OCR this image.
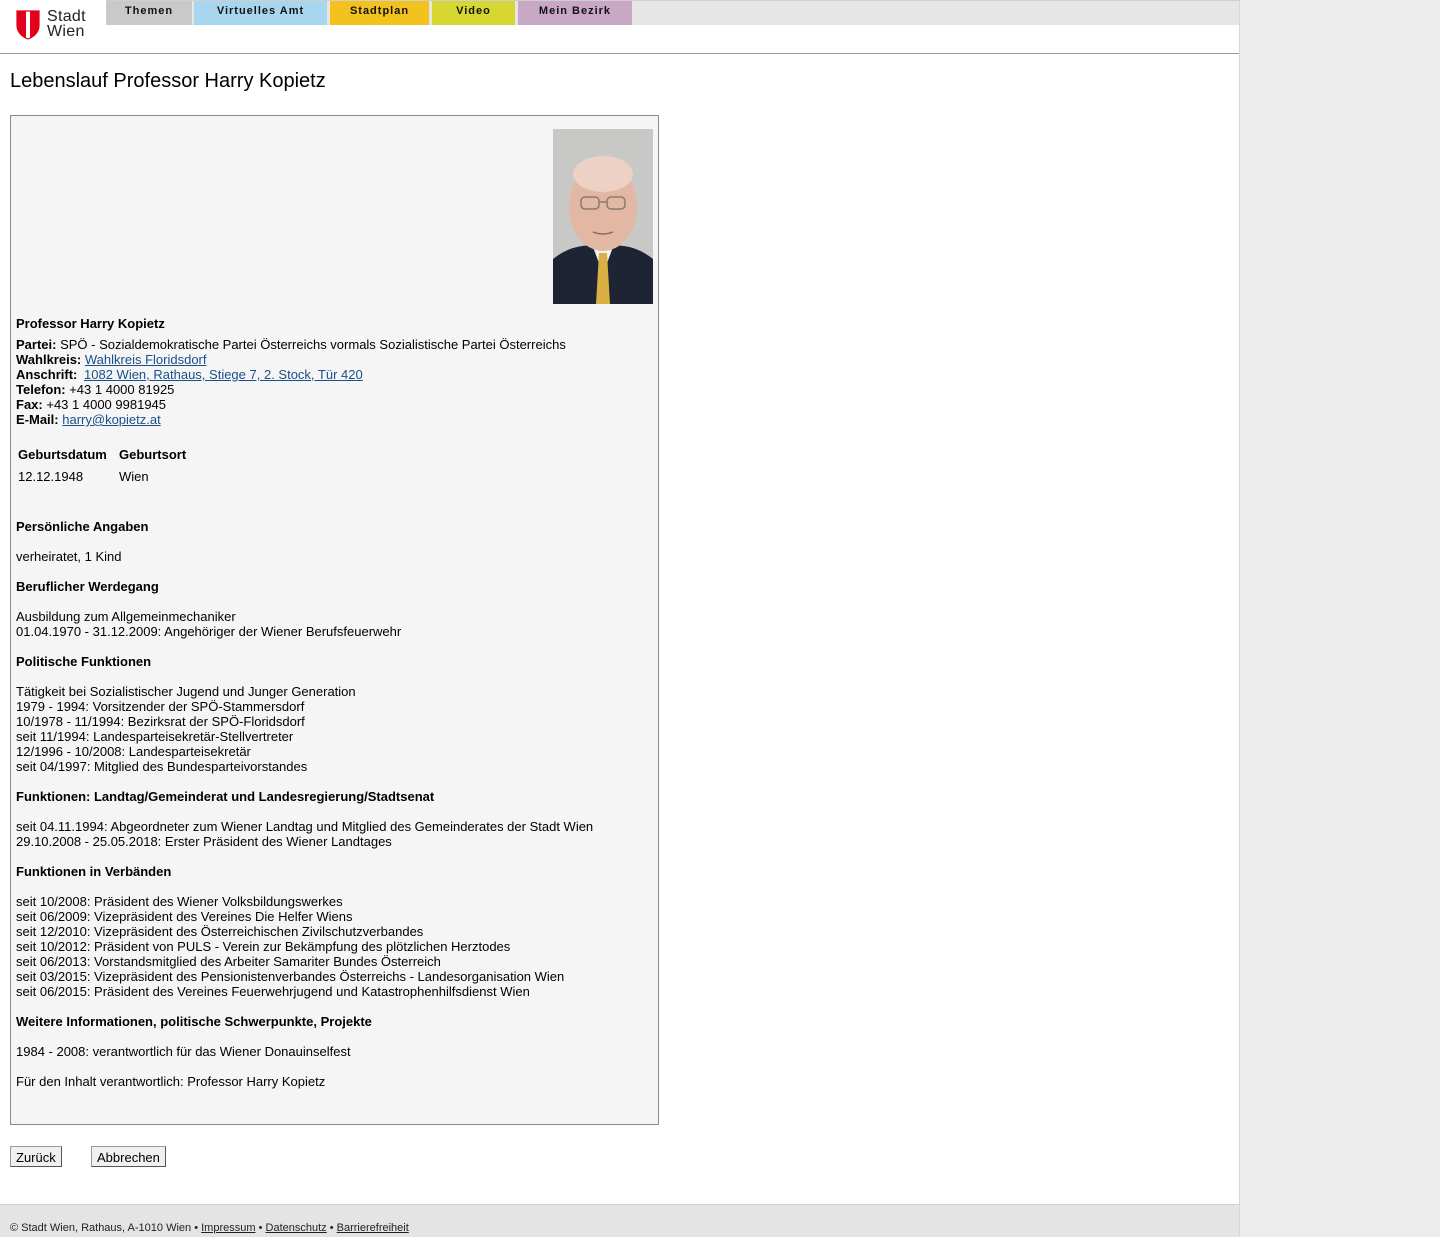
Stadt
Wien
Themen	Virtuelles Amt	Stadtplan	Video	Mein Bezirk
Lebenslauf Professor Harry Kopietz
Professor Harry Kopietz
Partei: SPÖ - Sozialdemokratische Partei Österreichs vormals Sozialistische Partei Österreichs
Wahlkreis: Wahlkreis Floridsdorf
Anschrift: 1082 Wien, Rathaus, Stiege 7, 2. Stock, Tür 420
Telefon: +43 1 4000 81925
Fax: +43 1 4000 9981945
E-Mail: harry@kopietz.at
Geburtsdatum Geburtsort
12.12.1948	Wien
Persönliche Angaben
verheiratet, 1 Kind
Beruflicher Werdegang
Ausbildung zum Allgemeinmechaniker
01.04.1970 - 31.12.2009: Angehöriger der Wiener Berufsfeuerwehr
Politische Funktionen
Tätigkeit bei Sozialistischer Jugend und Junger Generation
1979 - 1994: Vorsitzender der SPÖ-Stammersdorf
10/1978 - 11/1994: Bezirksrat der SPÖ-Floridsdorf
seit 11/1994: Landesparteisekretär-Stellvertreter
12/1996 - 10/2008: Landesparteisekretär
seit 04/1997: Mitglied des Bundesparteivorstandes
Funktionen: Landtag/Gemeinderat und Landesregierung/Stadtsenat
seit 04.11.1994: Abgeordneter zum Wiener Landtag und Mitglied des Gemeinderates der Stadt Wien
29.10.2008 - 25.05.2018: Erster Präsident des Wiener Landtages
Funktionen in Verbänden
seit 10/2008: Präsident des Wiener Volksbildungswerkes
seit 06/2009: Vizepräsident des Vereines Die Helfer Wiens
seit 12/2010: Vizepräsident des Österreichischen Zivilschutzverbandes
seit 10/2012: Präsident von PULS - Verein zur Bekämpfung des plötzlichen Herztodes
seit 06/2013: Vorstandsmitglied des Arbeiter Samariter Bundes Österreich
seit 03/2015: Vizepräsident des Pensionistenverbandes Österreichs - Landesorganisation Wien
seit 06/2015: Präsident des Vereines Feuerwehrjugend und Katastrophenhilfsdienst Wien
Weitere Informationen, politische Schwerpunkte, Projekte
1984 - 2008: verantwortlich für das Wiener Donauinselfest
Für den Inhalt verantwortlich: Professor Harry Kopietz
Zurück	Abbrechen
© Stadt Wien, Rathaus, A-1010 Wien • Impressum • Datenschutz • Barrierefreiheit
